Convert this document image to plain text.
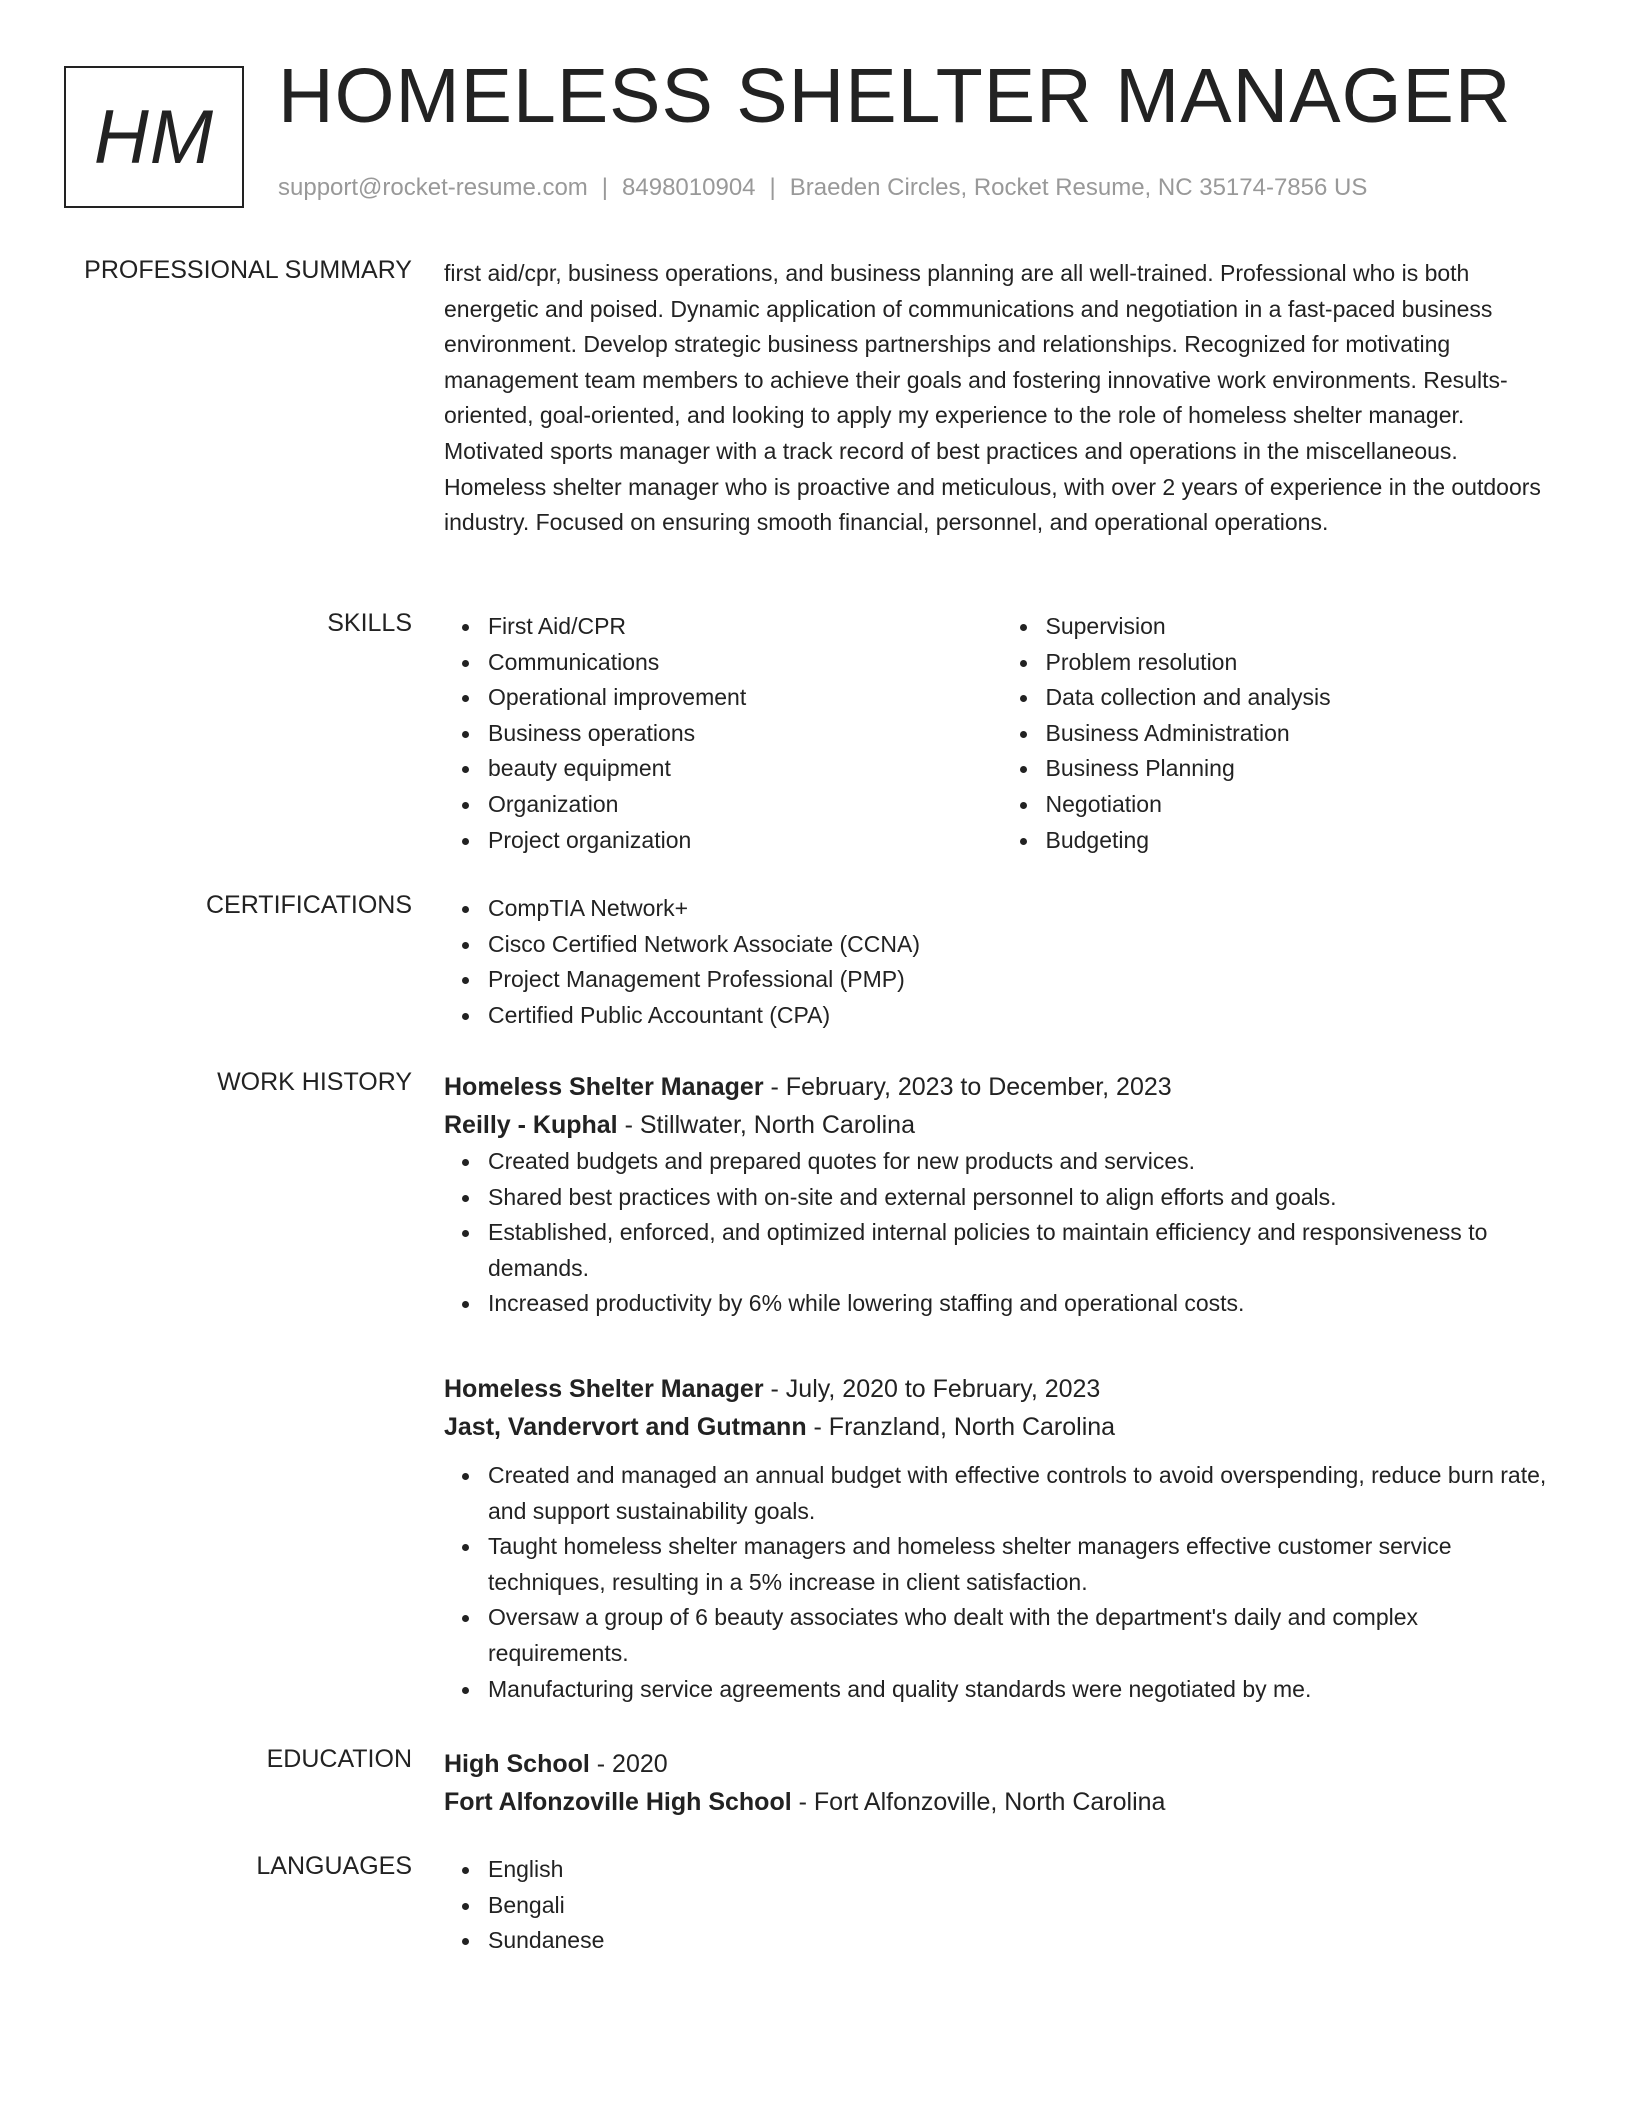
HM HOMELESS SHELTER MANAGER
support@rocket-resume.com | 8498010904 | Braeden Circles, Rocket Resume, NC 35174-7856 US
PROFESSIONAL SUMMARY first aid/cpr, business operations, and business planning are all well-trained. Professional who is both energetic and poised. Dynamic application of communications and negotiation in a fast-paced business environment. Develop strategic business partnerships and relationships. Recognized for motivating management team members to achieve their goals and fostering innovative work environments. Results-oriented, goal-oriented, and looking to apply my experience to the role of homeless shelter manager. Motivated sports manager with a track record of best practices and operations in the miscellaneous. Homeless shelter manager who is proactive and meticulous, with over 2 years of experience in the outdoors industry. Focused on ensuring smooth financial, personnel, and operational operations.

SKILLS	First Aid/CPR
Communications
Operational improvement
Business operations
beauty equipment
Organization
Project organization
Supervision
Problem resolution
Data collection and analysis
Business Administration
Business Planning
Negotiation
Budgeting
CERTIFICATIONS	CompTIA Network+
Cisco Certified Network Associate (CCNA)
Project Management Professional (PMP)
Certified Public Accountant (CPA)
WORK HISTORY Homeless Shelter Manager - February, 2023 to December, 2023
Reilly - Kuphal - Stillwater, North Carolina
Created budgets and prepared quotes for new products and services.
Shared best practices with on-site and external personnel to align efforts and goals.
Established, enforced, and optimized internal policies to maintain efficiency and responsiveness to demands.
Increased productivity by 6% while lowering staffing and operational costs.
Homeless Shelter Manager - July, 2020 to February, 2023
Jast, Vandervort and Gutmann - Franzland, North Carolina
Created and managed an annual budget with effective controls to avoid overspending, reduce burn rate, and support sustainability goals.
Taught homeless shelter managers and homeless shelter managers effective customer service techniques, resulting in a 5% increase in client satisfaction.
Oversaw a group of 6 beauty associates who dealt with the department's daily and complex requirements.
Manufacturing service agreements and quality standards were negotiated by me.
EDUCATION High School - 2020
Fort Alfonzoville High School - Fort Alfonzoville, North Carolina
LANGUAGES	English
Bengali
Sundanese
